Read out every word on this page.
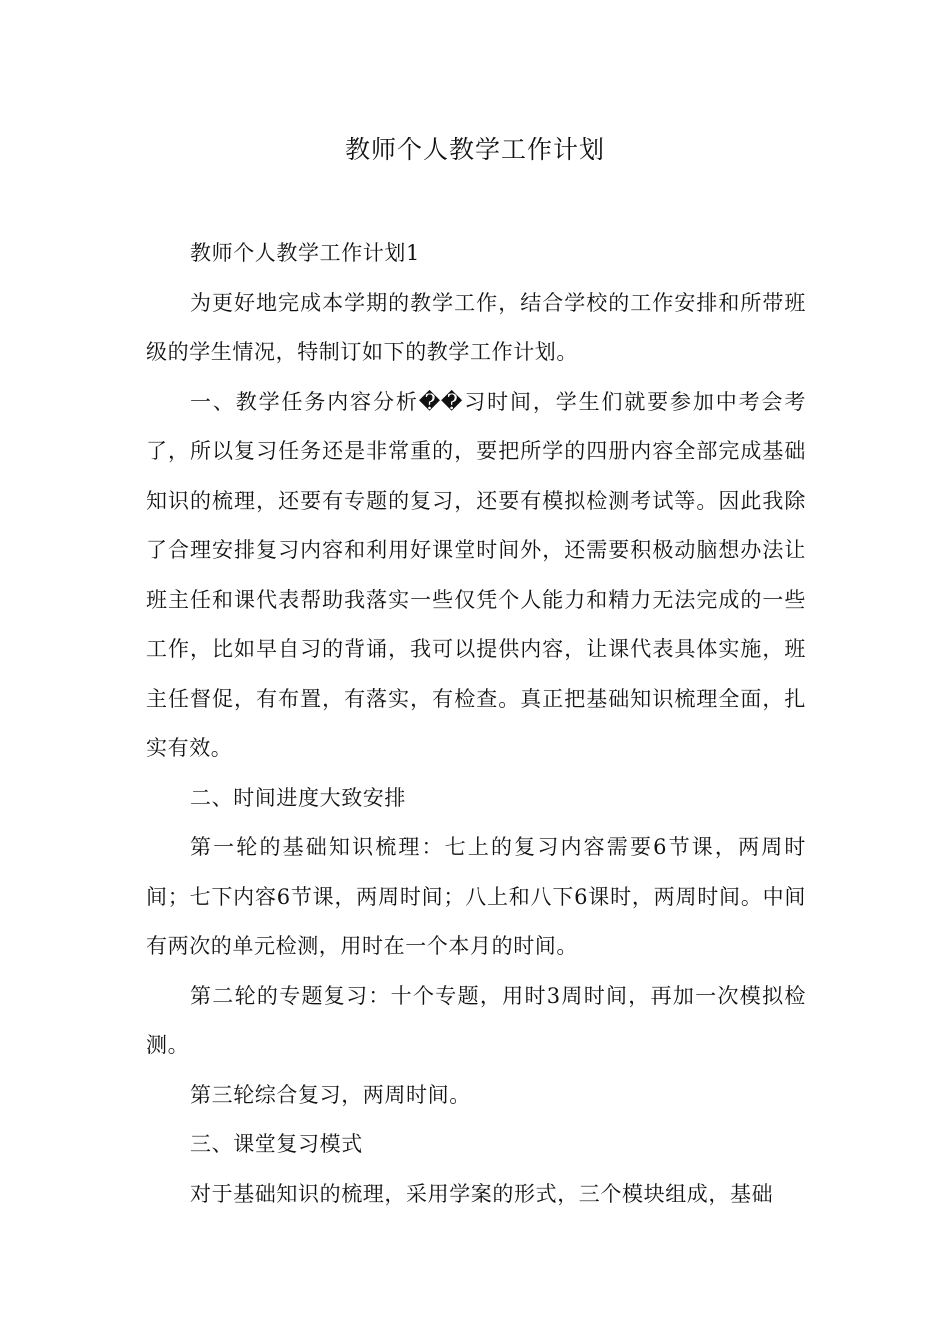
教师个人教学工作计划

教师个人教学工作计划1

为更好地完成本学期的教学工作，结合学校的工作安排和所带班级的学生情况，特制订如下的教学工作计划。

一、教学任务内容分析��习时间，学生们就要参加中考会考了，所以复习任务还是非常重的，要把所学的四册内容全部完成基础知识的梳理，还要有专题的复习，还要有模拟检测考试等。因此我除了合理安排复习内容和利用好课堂时间外，还需要积极动脑想办法让班主任和课代表帮助我落实一些仅凭个人能力和精力无法完成的一些工作，比如早自习的背诵，我可以提供内容，让课代表具体实施，班主任督促，有布置，有落实，有检查。真正把基础知识梳理全面，扎实有效。

二、时间进度大致安排

第一轮的基础知识梳理：七上的复习内容需要6节课，两周时间；七下内容6节课，两周时间；八上和八下6课时，两周时间。中间有两次的单元检测，用时在一个本月的时间。

第二轮的专题复习：十个专题，用时3周时间，再加一次模拟检测。

第三轮综合复习，两周时间。

三、课堂复习模式

对于基础知识的梳理，采用学案的形式，三个模块组成，基础
